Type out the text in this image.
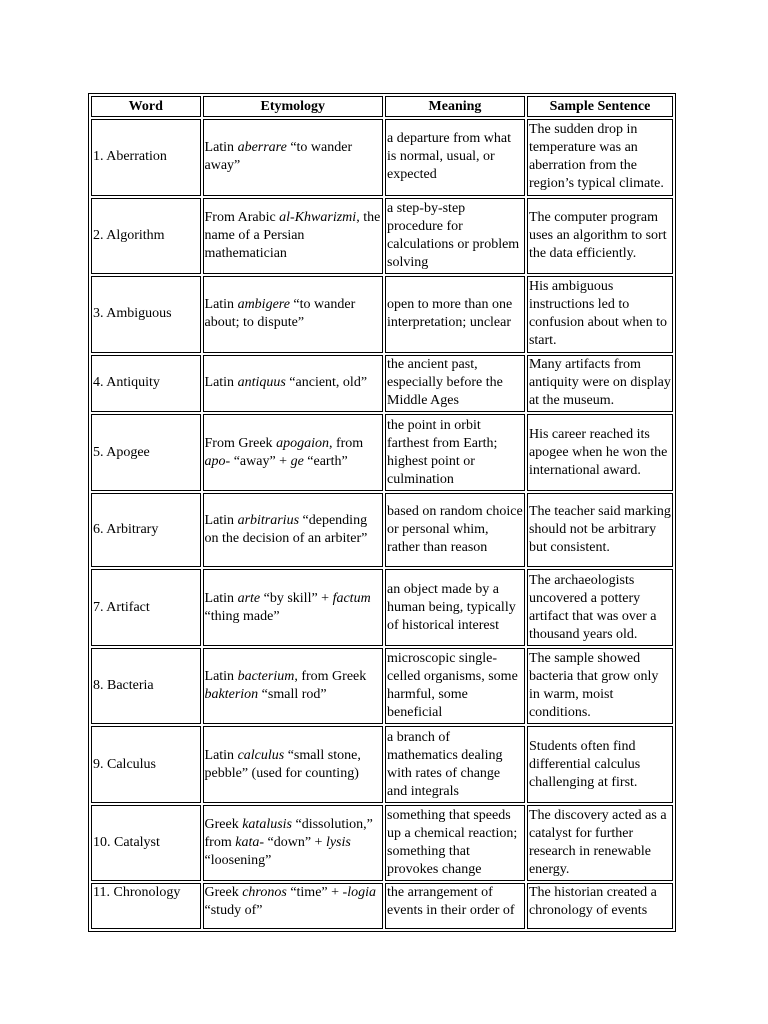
Word	Etymology	Meaning	Sample Sentence
1. Aberration	Latin aberrare “to wander away”	a departure from what is normal, usual, or expected	The sudden drop in temperature was an aberration from the region’s typical climate.
2. Algorithm	From Arabic al-Khwarizmi, the name of a Persian mathematician	a step-by-step procedure for calculations or problem solving	The computer program uses an algorithm to sort the data efficiently.
3. Ambiguous	Latin ambigere “to wander about; to dispute”	open to more than one interpretation; unclear	His ambiguous instructions led to confusion about when to start.
4. Antiquity	Latin antiquus “ancient, old”	the ancient past, especially before the Middle Ages	Many artifacts from antiquity were on display at the museum.
5. Apogee	From Greek apogaion, from apo- “away” + ge “earth”	the point in orbit farthest from Earth; highest point or culmination	His career reached its apogee when he won the international award.
6. Arbitrary	Latin arbitrarius “depending on the decision of an arbiter”	based on random choice or personal whim, rather than reason	The teacher said marking should not be arbitrary but consistent.
7. Artifact	Latin arte “by skill” + factum “thing made”	an object made by a human being, typically of historical interest	The archaeologists uncovered a pottery artifact that was over a thousand years old.
8. Bacteria	Latin bacterium, from Greek bakterion “small rod”	microscopic single-celled organisms, some harmful, some beneficial	The sample showed bacteria that grow only in warm, moist conditions.
9. Calculus	Latin calculus “small stone, pebble” (used for counting)	a branch of mathematics dealing with rates of change and integrals	Students often find differential calculus challenging at first.
10. Catalyst	Greek katalusis “dissolution,” from kata- “down” + lysis “loosening”	something that speeds up a chemical reaction; something that provokes change	The discovery acted as a catalyst for further research in renewable energy.
11. Chronology	Greek chronos “time” + -logia “study of”	the arrangement of events in their order of	The historian created a chronology of events
